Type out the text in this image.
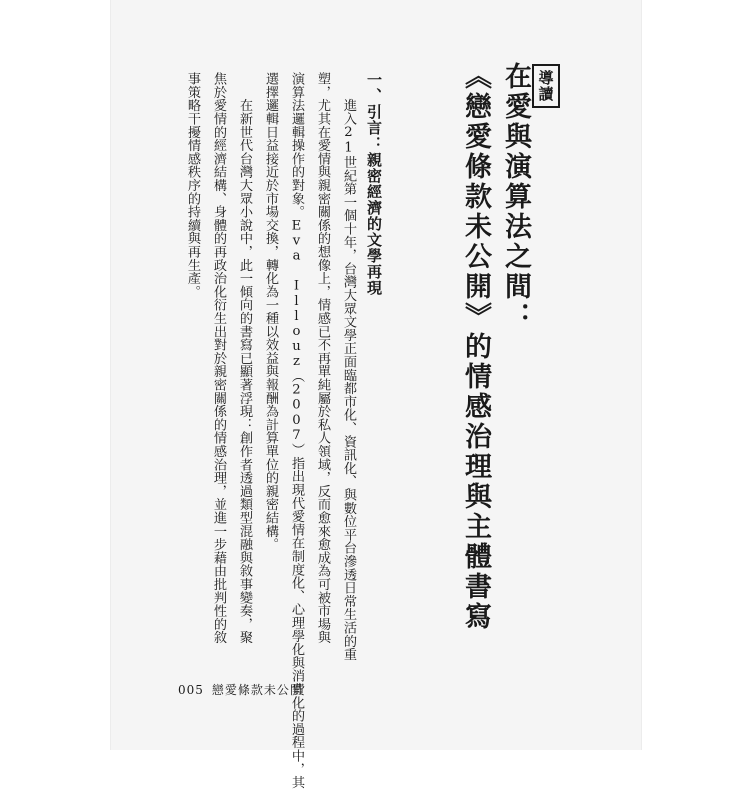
導讀
在愛與演算法之間：
《戀愛條款未公開》的情感治理與主體書寫
一、引言：親密經濟的文學再現
　　進入21世紀第一個十年，台灣大眾文學正面臨都市化、資訊化、與數位平台滲透日常生活的重
塑，尤其在愛情與親密關係的想像上，情感已不再單純屬於私人領域，反而愈來愈成為可被市場與
演算法邏輯操作的對象。Eva Illouz（2007）指出現代愛情在制度化、心理學化與消費化的過程中，其
選擇邏輯日益接近於市場交換，轉化為一種以效益與報酬為計算單位的親密結構。
　　在新世代台灣大眾小說中，此一傾向的書寫已顯著浮現：創作者透過類型混融與敘事變奏，聚
焦於愛情的經濟結構、身體的再政治化衍生出對於親密關係的情感治理，並進一步藉由批判性的敘
事策略干擾情感秩序的持續與再生產。
005 戀愛條款未公開
